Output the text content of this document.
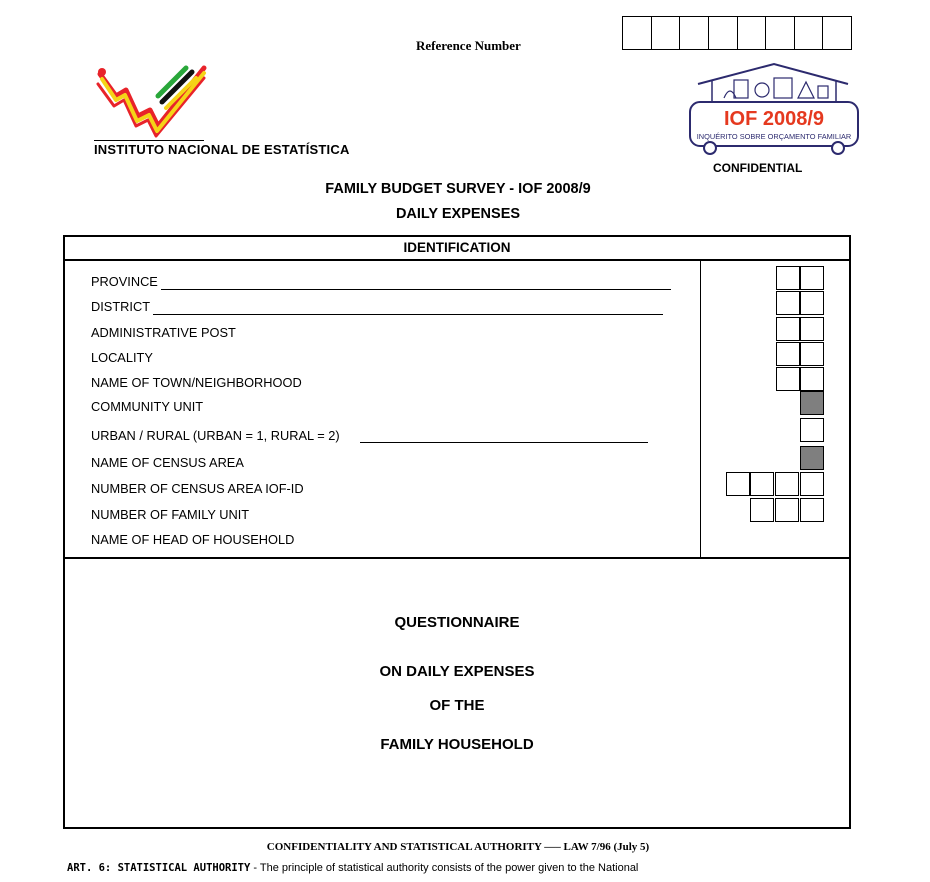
Reference Number
INSTITUTO NACIONAL DE ESTATÍSTICA
IOF 2008/9
INQUÉRITO SOBRE ORÇAMENTO FAMILIAR
CONFIDENTIAL
FAMILY BUDGET SURVEY - IOF 2008/9
DAILY EXPENSES
IDENTIFICATION
PROVINCE
DISTRICT
ADMINISTRATIVE POST
LOCALITY
NAME OF TOWN/NEIGHBORHOOD
COMMUNITY UNIT
URBAN / RURAL (URBAN = 1, RURAL = 2)
NAME OF CENSUS AREA
NUMBER OF CENSUS AREA IOF-ID
NUMBER OF FAMILY UNIT
NAME OF HEAD OF HOUSEHOLD
QUESTIONNAIRE
ON DAILY EXPENSES
OF THE
FAMILY HOUSEHOLD
CONFIDENTIALITY AND STATISTICAL AUTHORITY —– LAW 7/96 (July 5)
ART. 6: STATISTICAL AUTHORITY - The principle of statistical authority consists of the power given to the National
